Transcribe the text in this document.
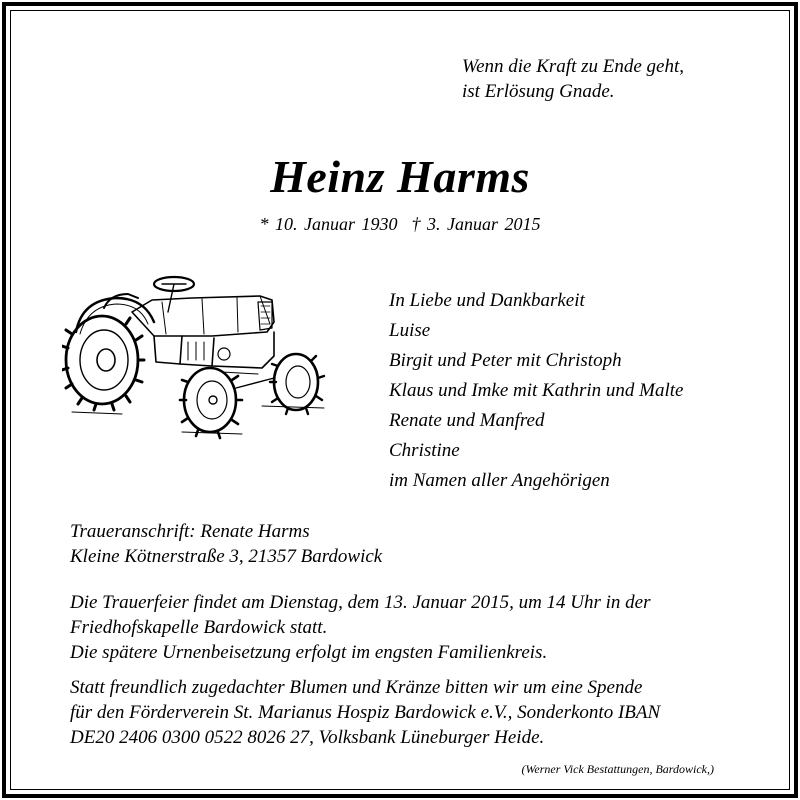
Wenn die Kraft zu Ende geht,
ist Erlösung Gnade.
Heinz Harms
* 10. Januar 1930 † 3. Januar 2015
In Liebe und Dankbarkeit
Luise
Birgit und Peter mit Christoph
Klaus und Imke mit Kathrin und Malte
Renate und Manfred
Christine
im Namen aller Angehörigen
Traueranschrift: Renate Harms
Kleine Kötnerstraße 3, 21357 Bardowick
Die Trauerfeier findet am Dienstag, dem 13. Januar 2015, um 14 Uhr in der
Friedhofskapelle Bardowick statt.
Die spätere Urnenbeisetzung erfolgt im engsten Familienkreis.
Statt freundlich zugedachter Blumen und Kränze bitten wir um eine Spende
für den Förderverein St. Marianus Hospiz Bardowick e.V., Sonderkonto IBAN
DE20 2406 0300 0522 8026 27, Volksbank Lüneburger Heide.
(Werner Vick Bestattungen, Bardowick,)
